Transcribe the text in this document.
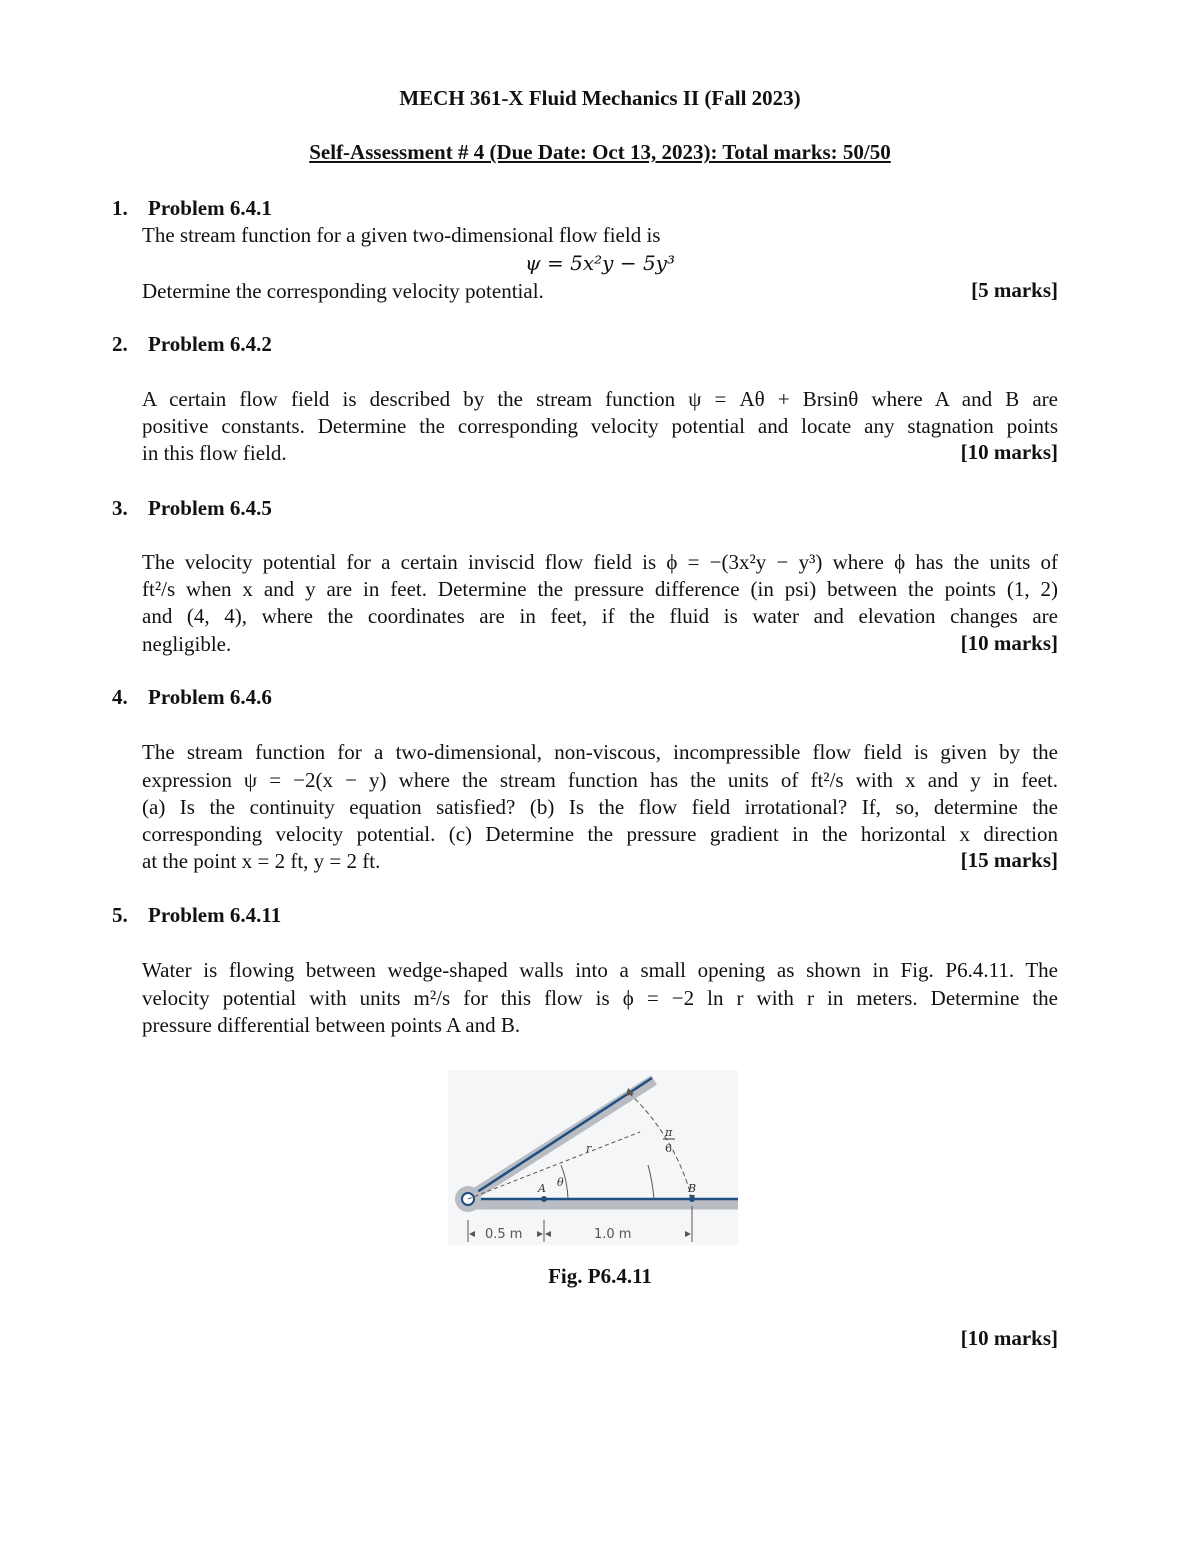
MECH 361-X Fluid Mechanics II (Fall 2023)
Self-Assessment # 4 (Due Date: Oct 13, 2023): Total marks: 50/50
1. Problem 6.4.1
The stream function for a given two-dimensional flow field is
ψ = 5x²y − 5y³
Determine the corresponding velocity potential.	[5 marks]
2. Problem 6.4.2
A certain flow field is described by the stream function ψ = Aθ + Brsinθ where A and B are
positive constants. Determine the corresponding velocity potential and locate any stagnation points
in this flow field.	[10 marks]
3. Problem 6.4.5
The velocity potential for a certain inviscid flow field is ϕ = −(3x²y − y³) where ϕ has the units of
ft²/s when x and y are in feet. Determine the pressure difference (in psi) between the points (1, 2)
and (4, 4), where the coordinates are in feet, if the fluid is water and elevation changes are
negligible.	[10 marks]
4. Problem 6.4.6
The stream function for a two-dimensional, non-viscous, incompressible flow field is given by the
expression ψ = −2(x − y) where the stream function has the units of ft²/s with x and y in feet.
(a) Is the continuity equation satisfied? (b) Is the flow field irrotational? If, so, determine the
corresponding velocity potential. (c) Determine the pressure gradient in the horizontal x direction
at the point x = 2 ft, y = 2 ft.	[15 marks]
5. Problem 6.4.11
Water is flowing between wedge-shaped walls into a small opening as shown in Fig. P6.4.11. The
velocity potential with units m²/s for this flow is ϕ = −2 ln r with r in meters. Determine the
pressure differential between points A and B.
r
θ
A	B
π
6
0.5 m	1.0 m
Fig. P6.4.11
[10 marks]
